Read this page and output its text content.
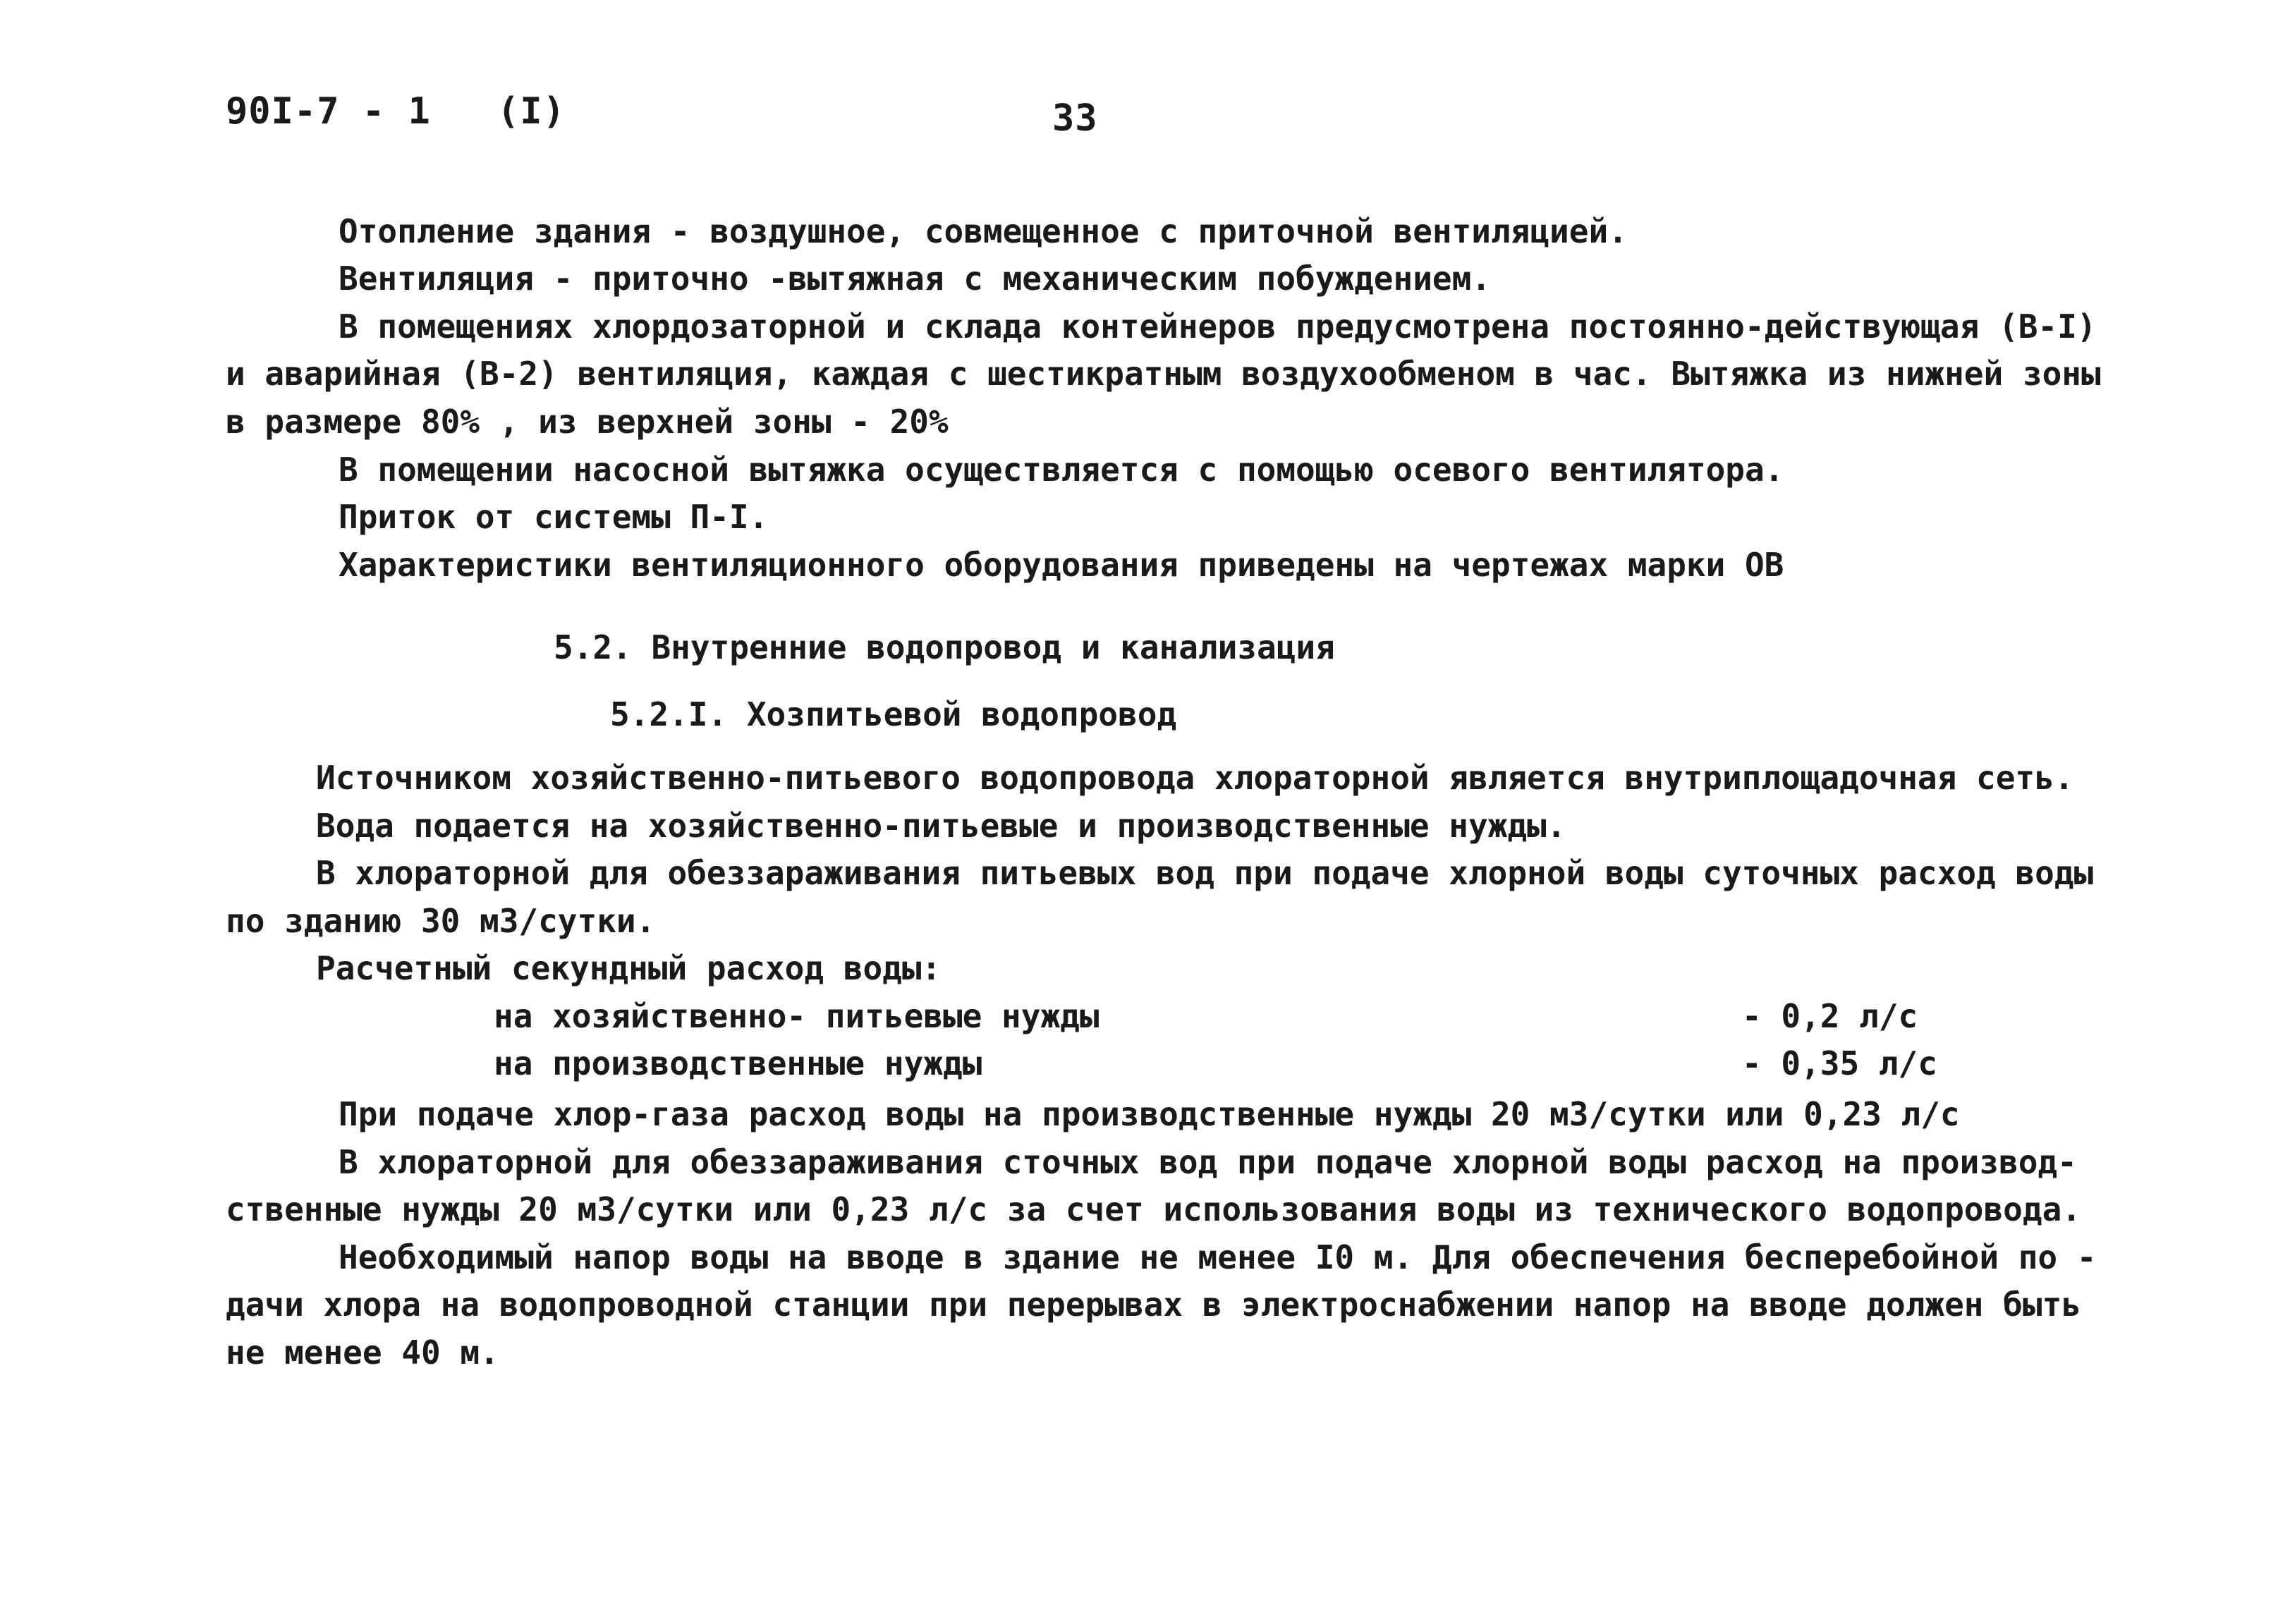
90I-7 - 1 (I)	33
Отопление здания - воздушное, совмещенное с приточной вентиляцией.
Вентиляция - приточно -вытяжная с механическим побуждением.
В помещениях хлордозаторной и склада контейнеров предусмотрена постоянно-действующая (В-I)
и аварийная (В-2) вентиляция, каждая с шестикратным воздухообменом в час. Вытяжка из нижней зоны
в размере 80% , из верхней зоны - 20%
В помещении насосной вытяжка осуществляется с помощью осевого вентилятора.
Приток от системы П-I.
Характеристики вентиляционного оборудования приведены на чертежах марки ОВ
5.2. Внутренние водопровод и канализация
5.2.I. Хозпитьевой водопровод
Источником хозяйственно-питьевого водопровода хлораторной является внутриплощадочная сеть.
Вода подается на хозяйственно-питьевые и производственные нужды.
В хлораторной для обеззараживания питьевых вод при подаче хлорной воды суточных расход воды
по зданию 30 м3/сутки.
Расчетный секундный расход воды:
на хозяйственно- питьевые нужды	- 0,2 л/с
на производственные нужды	- 0,35 л/с
При подаче хлор-газа расход воды на производственные нужды 20 м3/сутки или 0,23 л/с
В хлораторной для обеззараживания сточных вод при подаче хлорной воды расход на производ-
ственные нужды 20 м3/сутки или 0,23 л/с за счет использования воды из технического водопровода.
Необходимый напор воды на вводе в здание не менее I0 м. Для обеспечения бесперебойной по -
дачи хлора на водопроводной станции при перерывах в электроснабжении напор на вводе должен быть
не менее 40 м.
